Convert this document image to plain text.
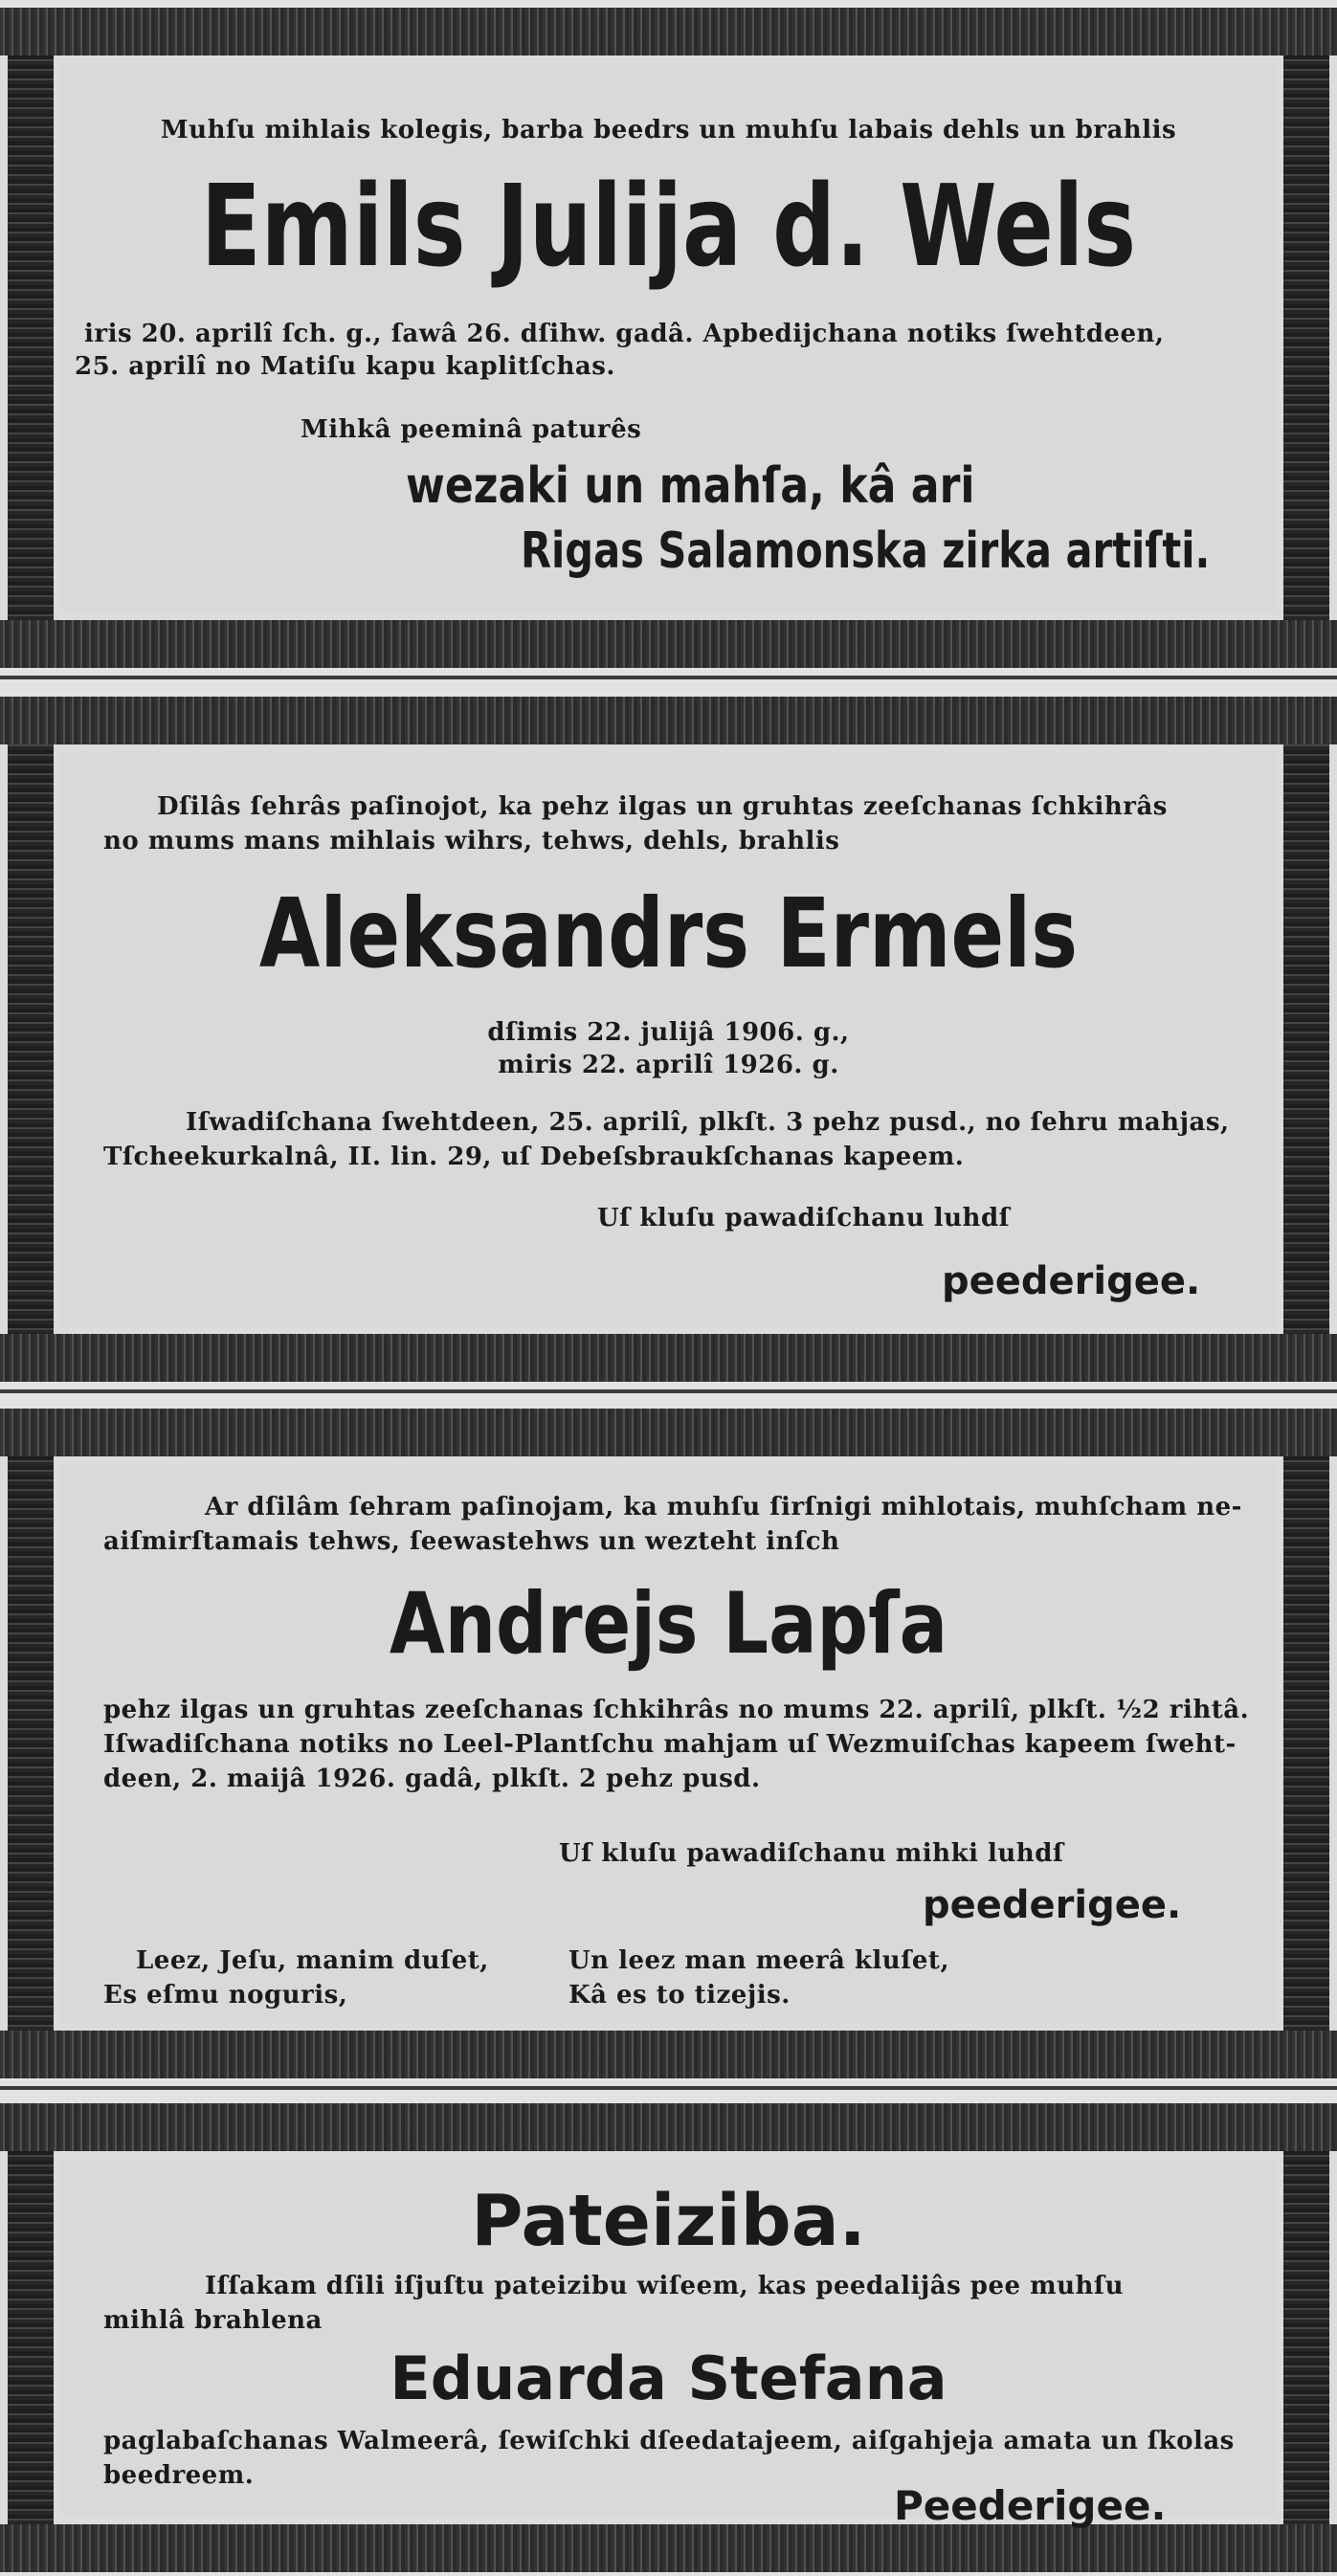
Muhſu mihlais kolegis, barba beedrs un muhſu labais dehls un brahlis
Emils Julija d. Wels
iris 20. aprilî ſch. g., ſawâ 26. dſihw. gadâ. Apbedijchana notiks ſwehtdeen,
25. aprilî no Matiſu kapu kaplitſchas.
Mihkâ peeminâ paturês
wezaki un mahſa, kâ ari
Rigas Salamonska zirka artiſti.
Dſilâs ſehrâs paſinojot, ka pehz ilgas un gruhtas zeeſchanas ſchkihrâs
no mums mans mihlais wihrs, tehws, dehls, brahlis
Aleksandrs Ermels
dſimis 22. julijâ 1906. g.,
miris 22. aprilî 1926. g.
Iſwadiſchana ſwehtdeen, 25. aprilî, plkſt. 3 pehz pusd., no ſehru mahjas,
Tſcheekurkalnâ, II. lin. 29, uſ Debeſsbraukſchanas kapeem.
Uſ kluſu pawadiſchanu luhdſ
peederigee.
Ar dſilâm ſehram paſinojam, ka muhſu ſirſnigi mihlotais, muhſcham ne-
aiſmirſtamais tehws, ſeewastehws un wezteht inſch
Andrejs Lapſa
pehz ilgas un gruhtas zeeſchanas ſchkihrâs no mums 22. aprilî, plkſt. ½2 rihtâ.
Iſwadiſchana notiks no Leel-Plantſchu mahjam uſ Wezmuiſchas kapeem ſweht-
deen, 2. maijâ 1926. gadâ, plkſt. 2 pehz pusd.
Uſ kluſu pawadiſchanu mihki luhdſ
peederigee.
Leez, Jeſu, manim duſet,
Es eſmu noguris,
Un leez man meerâ kluſet,
Kâ es to tizejis.
Pateiziba.
Iſſakam dſili iſjuſtu pateizibu wiſeem, kas peedalijâs pee muhſu
mihlâ brahlena
Eduarda Stefana
paglabaſchanas Walmeerâ, ſewiſchki dſeedatajeem, aiſgahjeja amata un ſkolas
beedreem.
Peederigee.
